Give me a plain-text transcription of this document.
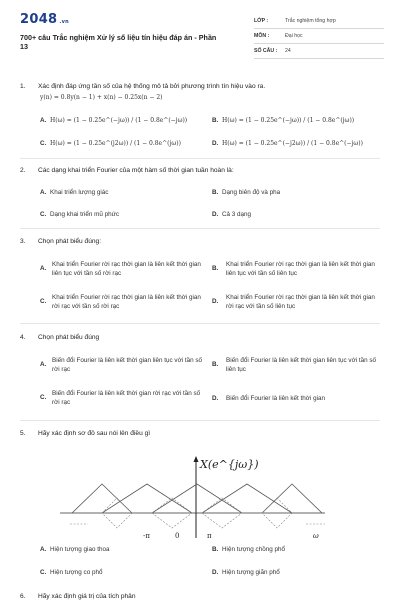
2048 .vn
700+ câu Trắc nghiệm Xử lý số liệu tín hiệu đáp án - Phần 13
LỚP :	Trắc nghiệm tổng hợp
MÔN :	Đại học
SỐ CÂU :	24
1. Xác định đáp ứng tần số của hệ thống mô tả bởi phương trình tín hiệu vào ra.
y(n) = 0.8y(n − 1) + x(n) − 0.25x(n − 2)
A. H(ω) = (1 − 0.25e^(−jω)) / (1 − 0.8e^(−jω))	B. H(ω) = (1 − 0.25e^(−jω)) / (1 − 0.8e^(jω))
C. H(ω) = (1 − 0.25e^(j2ω)) / (1 − 0.8e^(jω))	D. H(ω) = (1 − 0.25e^(−j2ω)) / (1 − 0.8e^(−jω))
2. Các dạng khai triển Fourier của một hàm số thời gian tuần hoàn là:
A. Khai triển lượng giác	B. Dạng biên độ và pha
C. Dạng khai triển mũ phức	D. Cả 3 dạng
3. Chọn phát biểu đúng:
A.
Khai triển Fourier rời rạc thời gian là liên kết thời gian liên tục với tần số rời rạc
B.
Khai triển Fourier rời rạc thời gian là liên kết thời gian liên tục với tần số liên tục
C.
Khai triển Fourier rời rạc thời gian là liên kết thời gian rời rạc với tần số rời rạc
D.
Khai triển Fourier rời rạc thời gian là liên kết thời gian rời rạc với tần số liên tục
4. Chọn phát biểu đúng
A.
Biến đổi Fourier là liên kết thời gian liên tục với tần số rời rạc
B.
Biến đổi Fourier là liên kết thời gian liên tục với tần số liên tục
C.
Biến đổi Fourier là liên kết thời gian rời rạc với tần số rời rạc
D. Biến đổi Fourier là liên kết thời gian
5. Hãy xác định sơ đồ sau nói lên điều gì
X(e^{jω})
-π	0	π	ω
A. Hiện tượng giao thoa	B. Hiện tượng chồng phổ
C. Hiện tượng co phổ	D. Hiện tượng giãn phổ
6. Hãy xác định giá trị của tích phân
